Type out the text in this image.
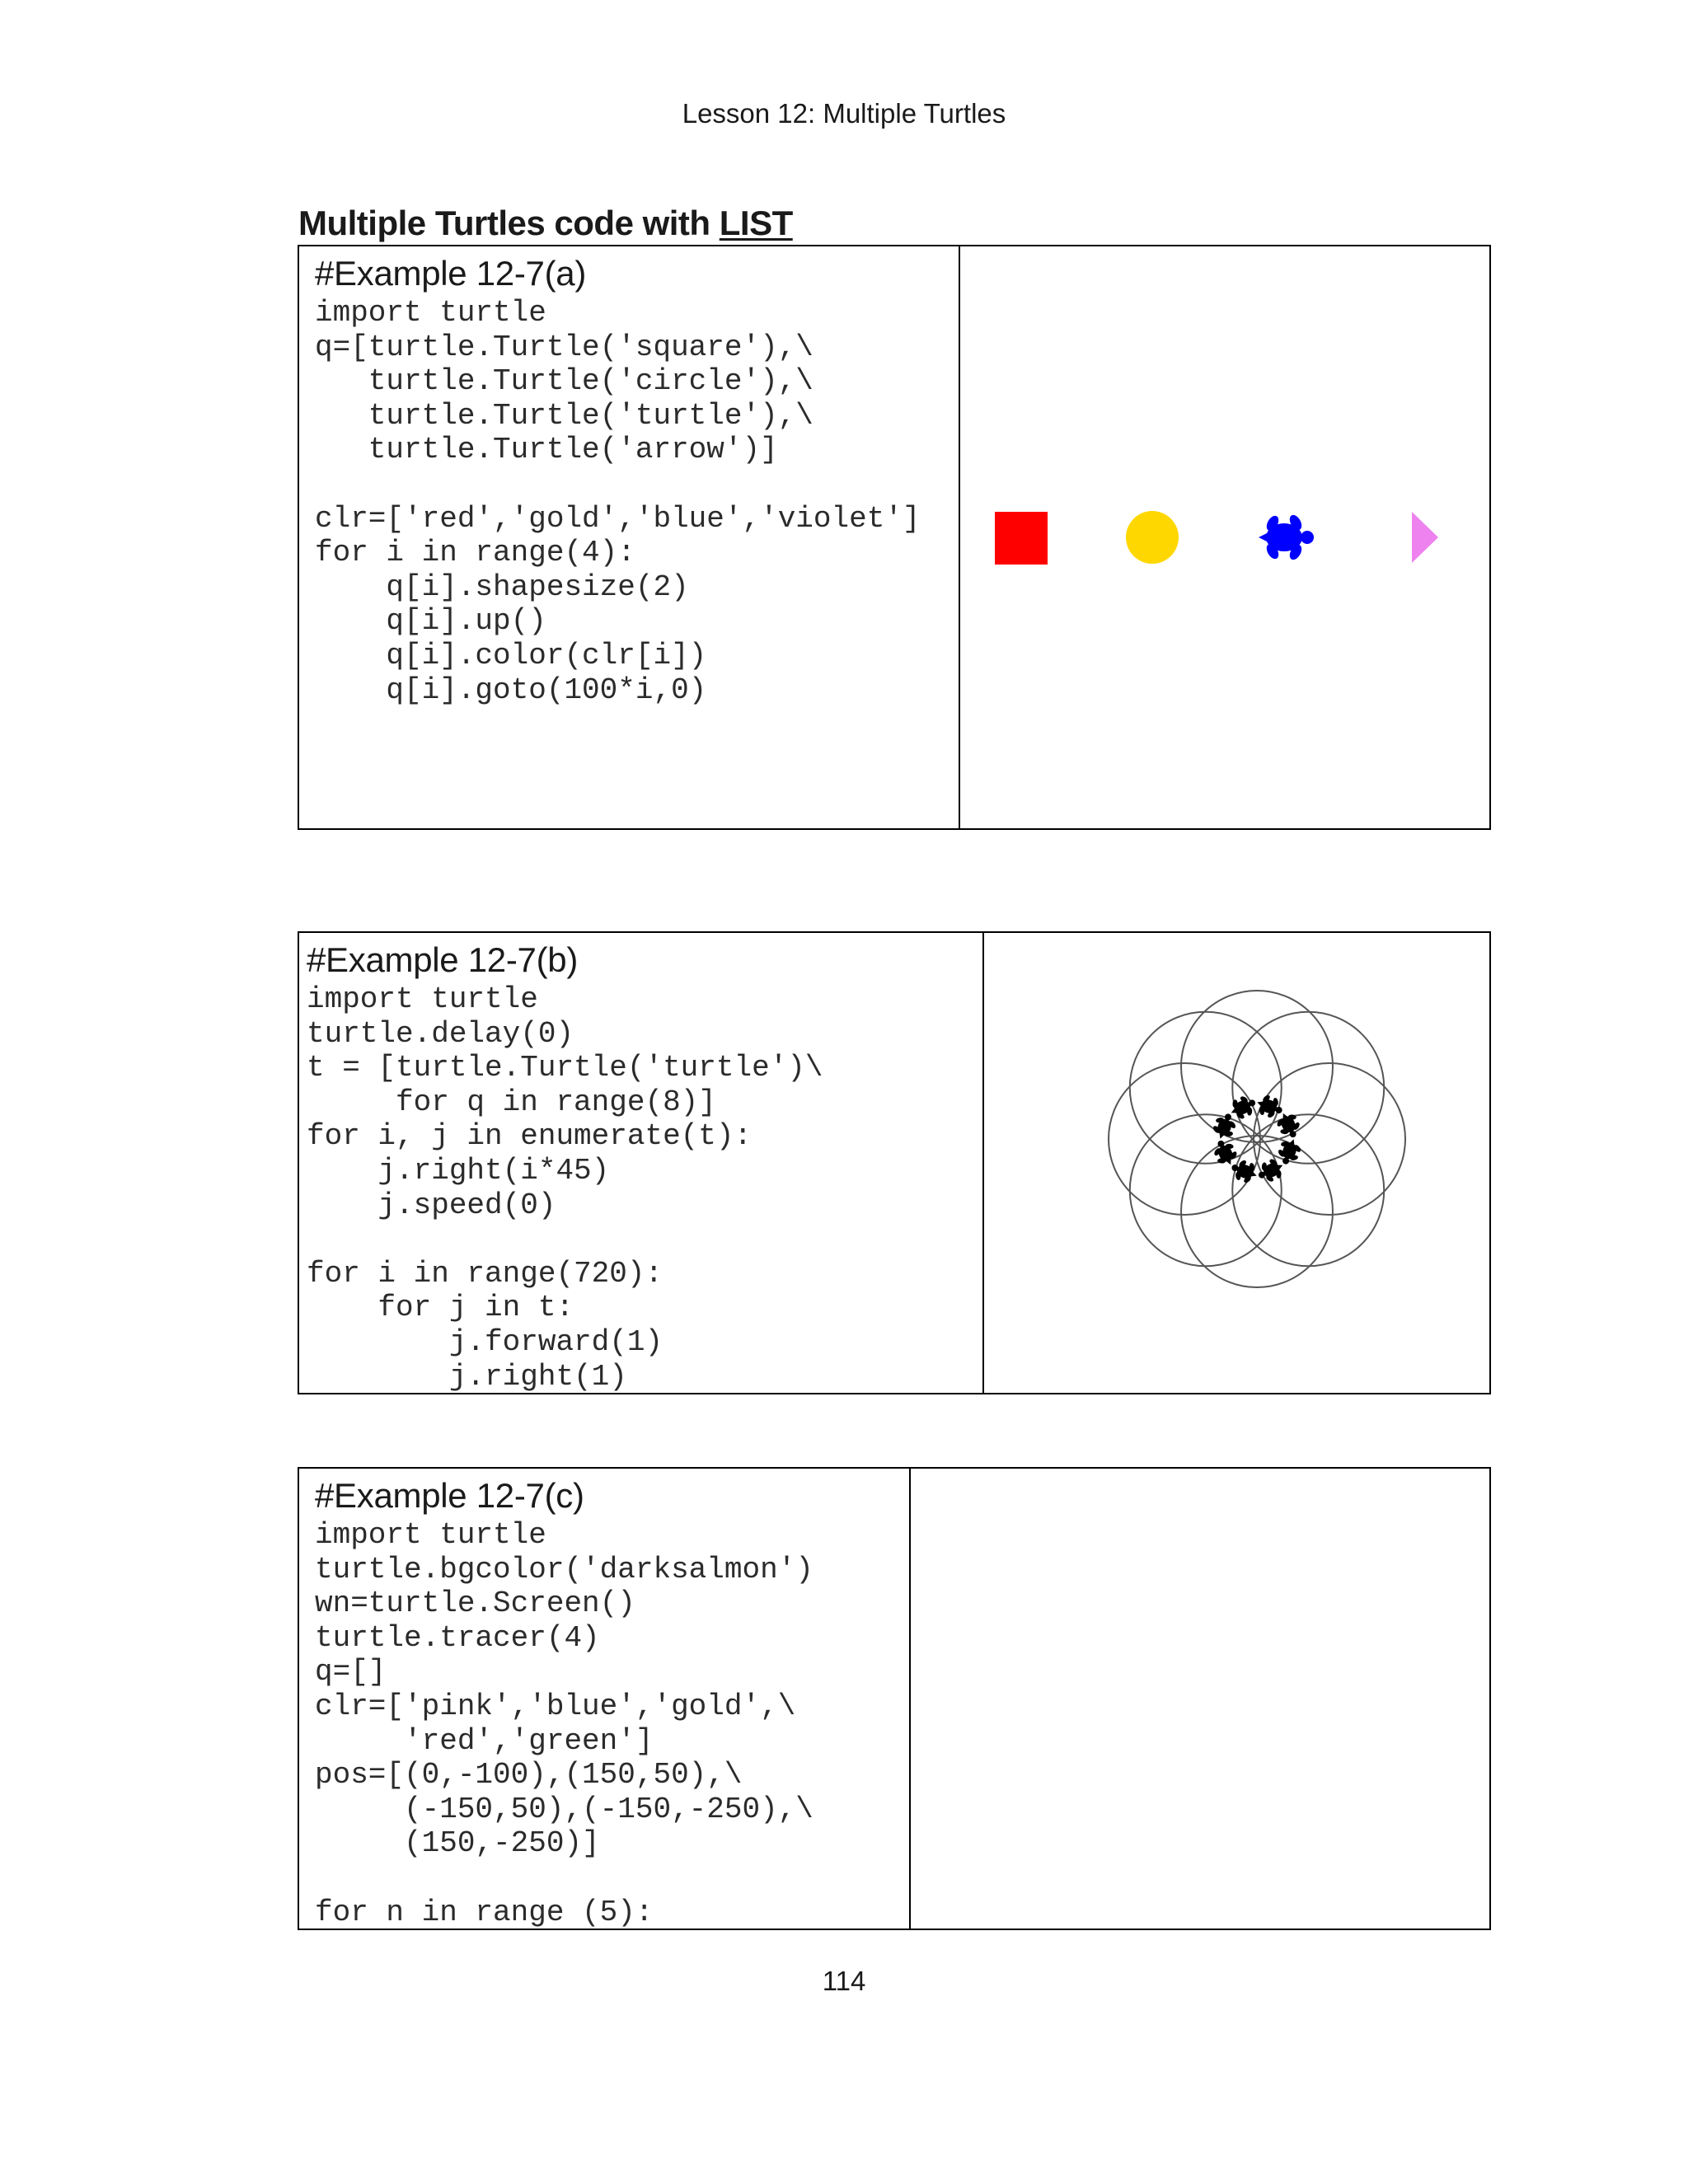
Lesson 12: Multiple Turtles
Multiple Turtles code with LIST
#Example 12-7(a)
import turtle
q=[turtle.Turtle('square'),\
turtle.Turtle('circle'),\
turtle.Turtle('turtle'),\
turtle.Turtle('arrow')]
clr=['red','gold','blue','violet']
for i in range(4):
q[i].shapesize(2)
q[i].up()
q[i].color(clr[i])
q[i].goto(100*i,0)
#Example 12-7(b)
import turtle
turtle.delay(0)
t = [turtle.Turtle('turtle')\
for q in range(8)]
for i, j in enumerate(t):
j.right(i*45)
j.speed(0)
for i in range(720):
for j in t:
j.forward(1)
j.right(1)
#Example 12-7(c)
import turtle
turtle.bgcolor('darksalmon')
wn=turtle.Screen()
turtle.tracer(4)
q=[]
clr=['pink','blue','gold',\
'red','green']
pos=[(0,-100),(150,50),\
(-150,50),(-150,-250),\
(150,-250)]
for n in range (5):
114
